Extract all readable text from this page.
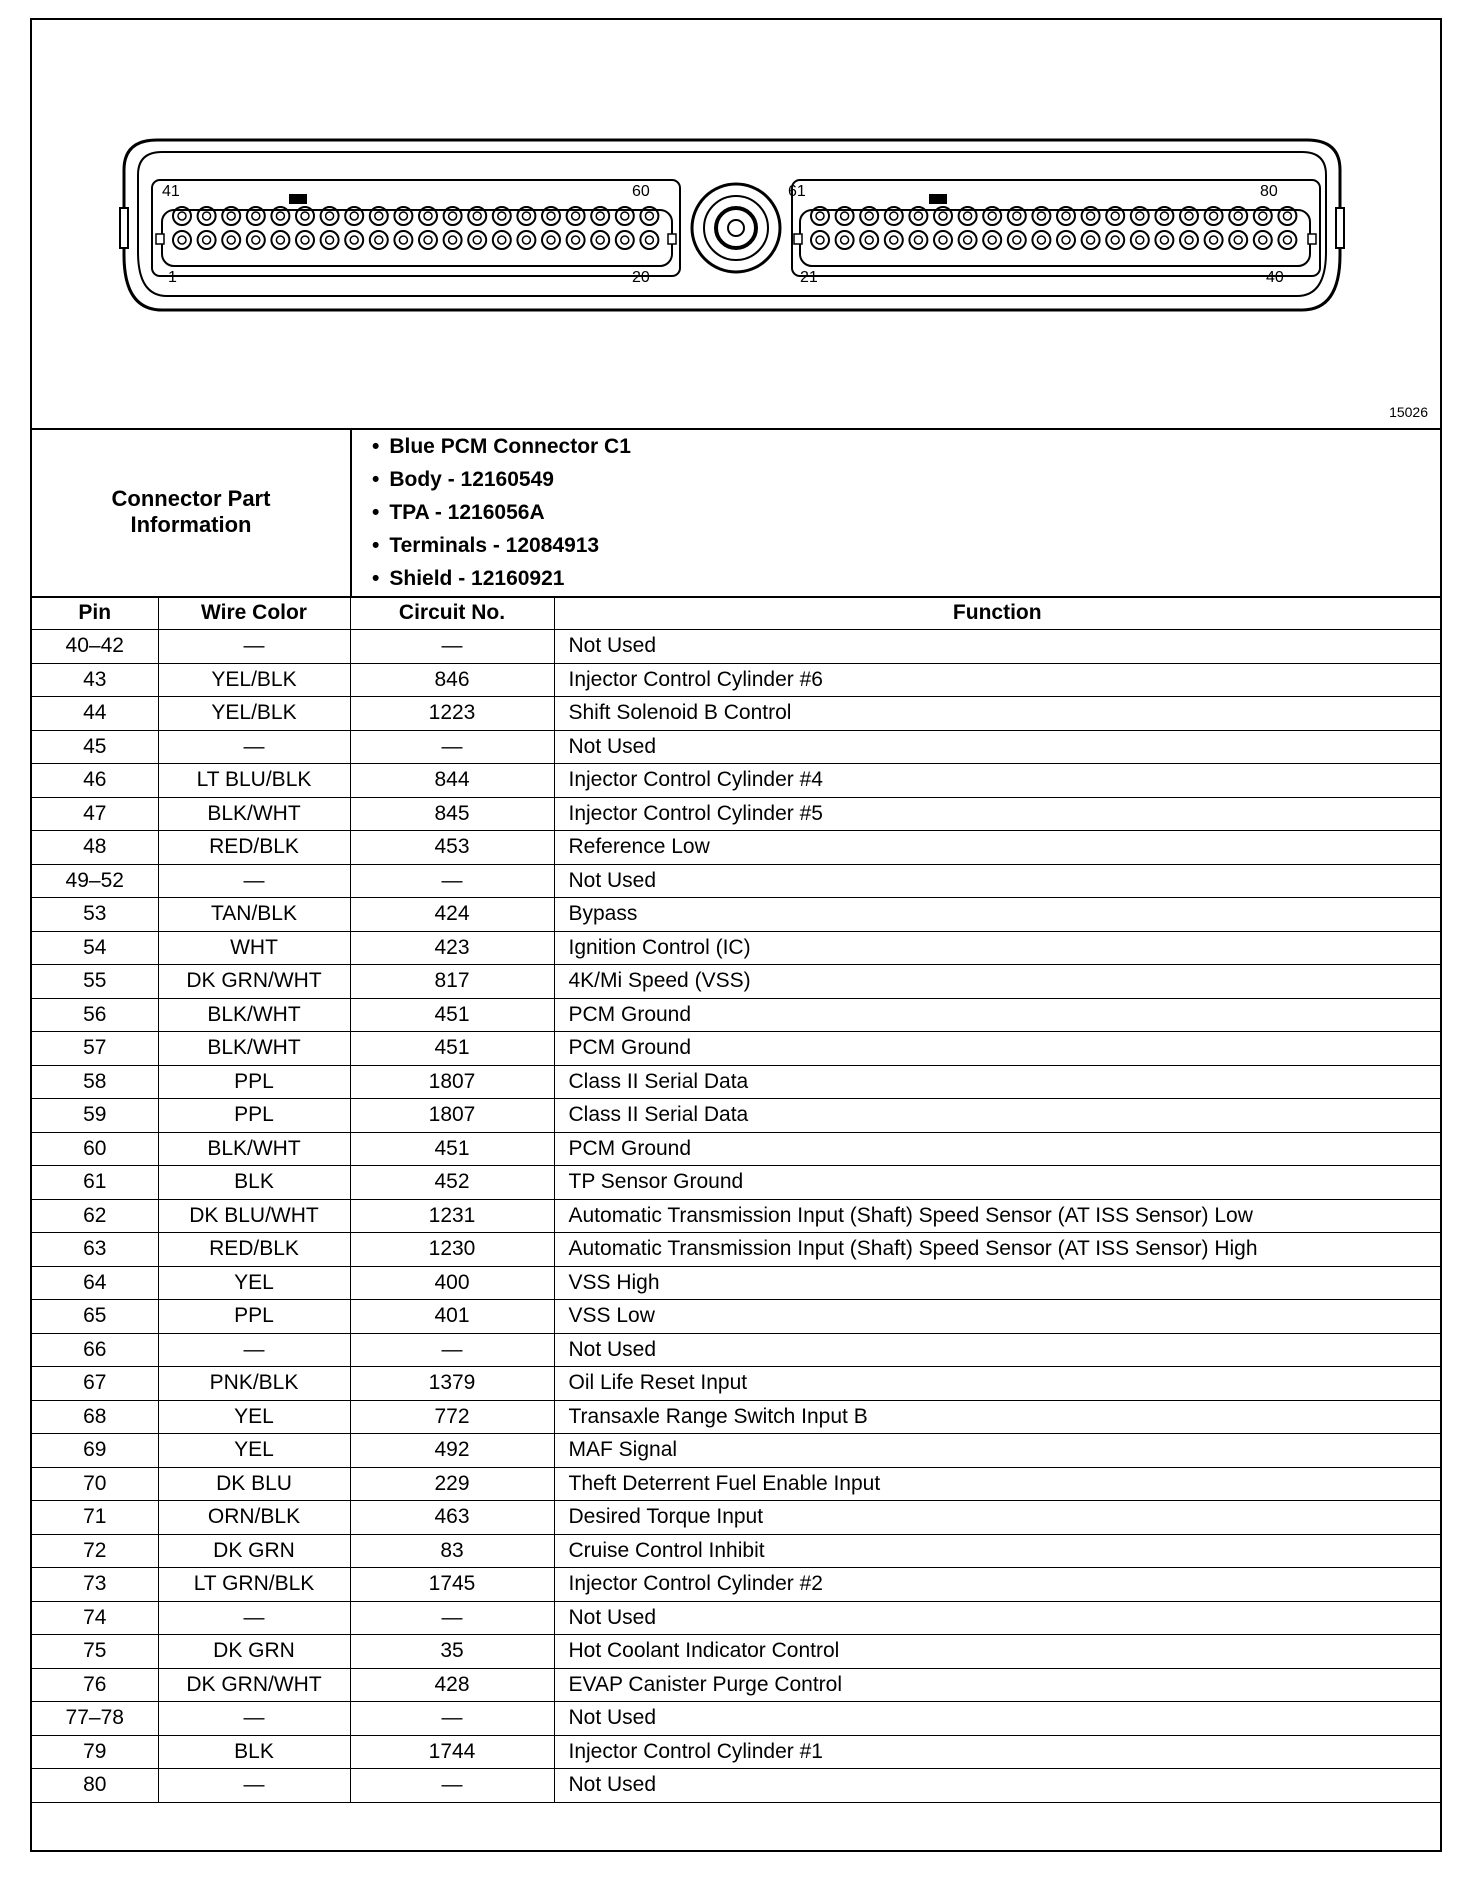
41	60
1	20
61	80
21	40
15026
Connector Part Information
• Blue PCM Connector C1
• Body - 12160549
• TPA - 1216056A
• Terminals - 12084913
• Shield - 12160921
Pin	Wire Color	Circuit No.	Function
40–42	—	—	Not Used
43	YEL/BLK	846	Injector Control Cylinder #6
44	YEL/BLK	1223	Shift Solenoid B Control
45	—	—	Not Used
46	LT BLU/BLK	844	Injector Control Cylinder #4
47	BLK/WHT	845	Injector Control Cylinder #5
48	RED/BLK	453	Reference Low
49–52	—	—	Not Used
53	TAN/BLK	424	Bypass
54	WHT	423	Ignition Control (IC)
55	DK GRN/WHT	817	4K/Mi Speed (VSS)
56	BLK/WHT	451	PCM Ground
57	BLK/WHT	451	PCM Ground
58	PPL	1807	Class II Serial Data
59	PPL	1807	Class II Serial Data
60	BLK/WHT	451	PCM Ground
61	BLK	452	TP Sensor Ground
62	DK BLU/WHT	1231	Automatic Transmission Input (Shaft) Speed Sensor (AT ISS Sensor) Low
63	RED/BLK	1230	Automatic Transmission Input (Shaft) Speed Sensor (AT ISS Sensor) High
64	YEL	400	VSS High
65	PPL	401	VSS Low
66	—	—	Not Used
67	PNK/BLK	1379	Oil Life Reset Input
68	YEL	772	Transaxle Range Switch Input B
69	YEL	492	MAF Signal
70	DK BLU	229	Theft Deterrent Fuel Enable Input
71	ORN/BLK	463	Desired Torque Input
72	DK GRN	83	Cruise Control Inhibit
73	LT GRN/BLK	1745	Injector Control Cylinder #2
74	—	—	Not Used
75	DK GRN	35	Hot Coolant Indicator Control
76	DK GRN/WHT	428	EVAP Canister Purge Control
77–78	—	—	Not Used
79	BLK	1744	Injector Control Cylinder #1
80	—	—	Not Used
